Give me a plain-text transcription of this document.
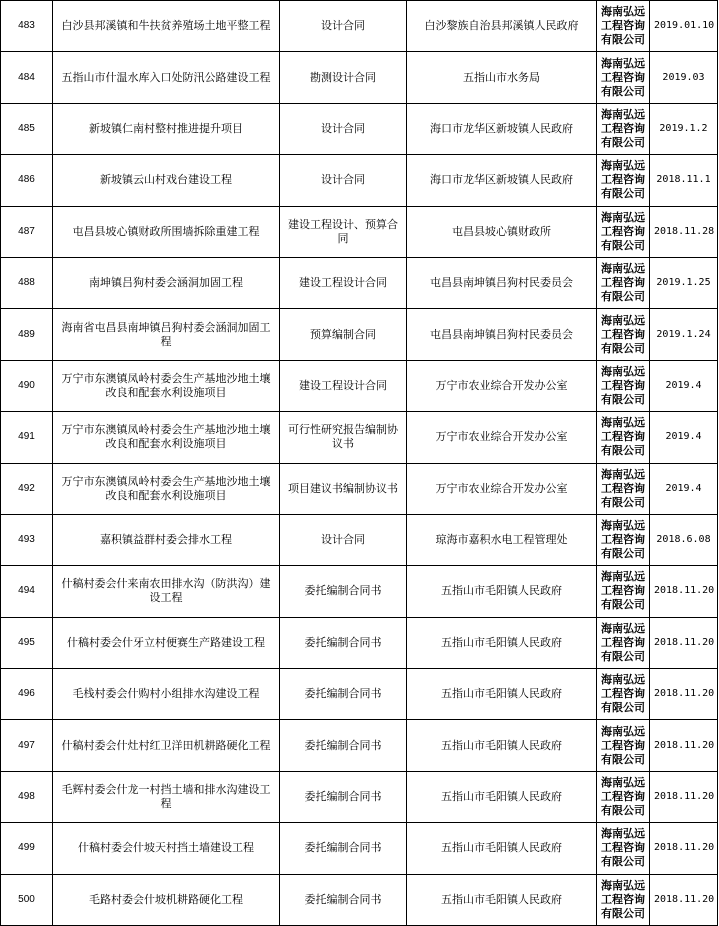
483	白沙县邦溪镇和牛扶贫养殖场土地平整工程	设计合同	白沙黎族自治县邦溪镇人民政府	海南弘远工程咨询有限公司	2019.01.10
484	五指山市什温水库入口处防汛公路建设工程	勘测设计合同	五指山市水务局	海南弘远工程咨询有限公司	2019.03
485	新坡镇仁南村整村推进提升项目	设计合同	海口市龙华区新坡镇人民政府	海南弘远工程咨询有限公司	2019.1.2
486	新坡镇云山村戏台建设工程	设计合同	海口市龙华区新坡镇人民政府	海南弘远工程咨询有限公司	2018.11.1
487	屯昌县坡心镇财政所围墙拆除重建工程	建设工程设计、预算合同	屯昌县坡心镇财政所	海南弘远工程咨询有限公司	2018.11.28
488	南坤镇吕狗村委会涵洞加固工程	建设工程设计合同	屯昌县南坤镇吕狗村民委员会	海南弘远工程咨询有限公司	2019.1.25
489	海南省屯昌县南坤镇吕狗村委会涵洞加固工程	预算编制合同	屯昌县南坤镇吕狗村民委员会	海南弘远工程咨询有限公司	2019.1.24
490	万宁市东澳镇凤岭村委会生产基地沙地土壤改良和配套水利设施项目	建设工程设计合同	万宁市农业综合开发办公室	海南弘远工程咨询有限公司	2019.4
491	万宁市东澳镇凤岭村委会生产基地沙地土壤改良和配套水利设施项目	可行性研究报告编制协议书	万宁市农业综合开发办公室	海南弘远工程咨询有限公司	2019.4
492	万宁市东澳镇凤岭村委会生产基地沙地土壤改良和配套水利设施项目	项目建议书编制协议书	万宁市农业综合开发办公室	海南弘远工程咨询有限公司	2019.4
493	嘉积镇益群村委会排水工程	设计合同	琼海市嘉积水电工程管理处	海南弘远工程咨询有限公司	2018.6.08
494	什稿村委会什来南农田排水沟（防洪沟）建设工程	委托编制合同书	五指山市毛阳镇人民政府	海南弘远工程咨询有限公司	2018.11.20
495	什稿村委会什牙立村便赛生产路建设工程	委托编制合同书	五指山市毛阳镇人民政府	海南弘远工程咨询有限公司	2018.11.20
496	毛栈村委会什购村小组排水沟建设工程	委托编制合同书	五指山市毛阳镇人民政府	海南弘远工程咨询有限公司	2018.11.20
497	什稿村委会什灶村红卫洋田机耕路硬化工程	委托编制合同书	五指山市毛阳镇人民政府	海南弘远工程咨询有限公司	2018.11.20
498	毛辉村委会什龙一村挡土墙和排水沟建设工程	委托编制合同书	五指山市毛阳镇人民政府	海南弘远工程咨询有限公司	2018.11.20
499	什稿村委会什坡天村挡土墙建设工程	委托编制合同书	五指山市毛阳镇人民政府	海南弘远工程咨询有限公司	2018.11.20
500	毛路村委会什坡机耕路硬化工程	委托编制合同书	五指山市毛阳镇人民政府	海南弘远工程咨询有限公司	2018.11.20
